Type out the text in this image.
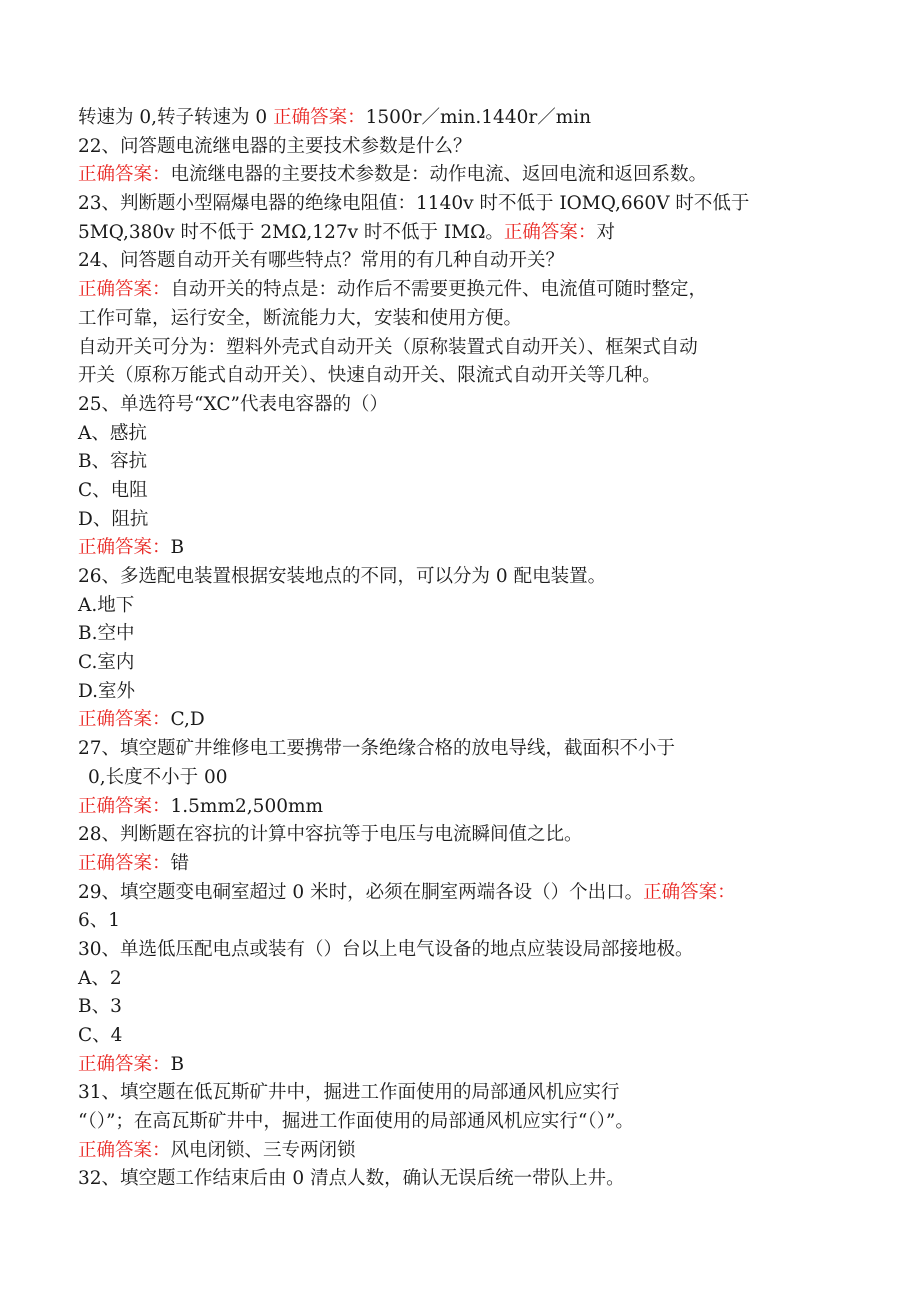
转速为 0,转子转速为 0 正确答案：1500r／min.1440r／min
22、问答题电流继电器的主要技术参数是什么？
正确答案：电流继电器的主要技术参数是：动作电流、返回电流和返回系数。
23、判断题小型隔爆电器的绝缘电阻值：1140v 时不低于 IOMQ,660V 时不低于
5MQ,380v 时不低于 2MΩ,127v 时不低于 IMΩ。正确答案：对
24、问答题自动开关有哪些特点？常用的有几种自动开关？
正确答案：自动开关的特点是：动作后不需要更换元件、电流值可随时整定，
工作可靠，运行安全，断流能力大，安装和使用方便。
自动开关可分为：塑料外壳式自动开关（原称装置式自动开关）、框架式自动
开关（原称万能式自动开关）、快速自动开关、限流式自动开关等几种。
25、单选符号“XC”代表电容器的（）
A、感抗
B、容抗
C、电阻
D、阻抗
正确答案：B
26、多选配电装置根据安装地点的不同，可以分为 0 配电装置。
A.地下
B.空中
C.室内
D.室外
正确答案：C,D
27、填空题矿井维修电工要携带一条绝缘合格的放电导线，截面积不小于
0,长度不小于 00
正确答案：1.5mm2,500mm
28、判断题在容抗的计算中容抗等于电压与电流瞬间值之比。
正确答案：错
29、填空题变电硐室超过 0 米时，必须在胴室两端各设（）个出口。正确答案：
6、1
30、单选低压配电点或装有（）台以上电气设备的地点应装设局部接地极。
A、2
B、3
C、4
正确答案：B
31、填空题在低瓦斯矿井中，掘进工作面使用的局部通风机应实行
“（）”；在高瓦斯矿井中，掘进工作面使用的局部通风机应实行“（）”。
正确答案：风电闭锁、三专两闭锁
32、填空题工作结束后由 0 清点人数，确认无误后统一带队上井。
